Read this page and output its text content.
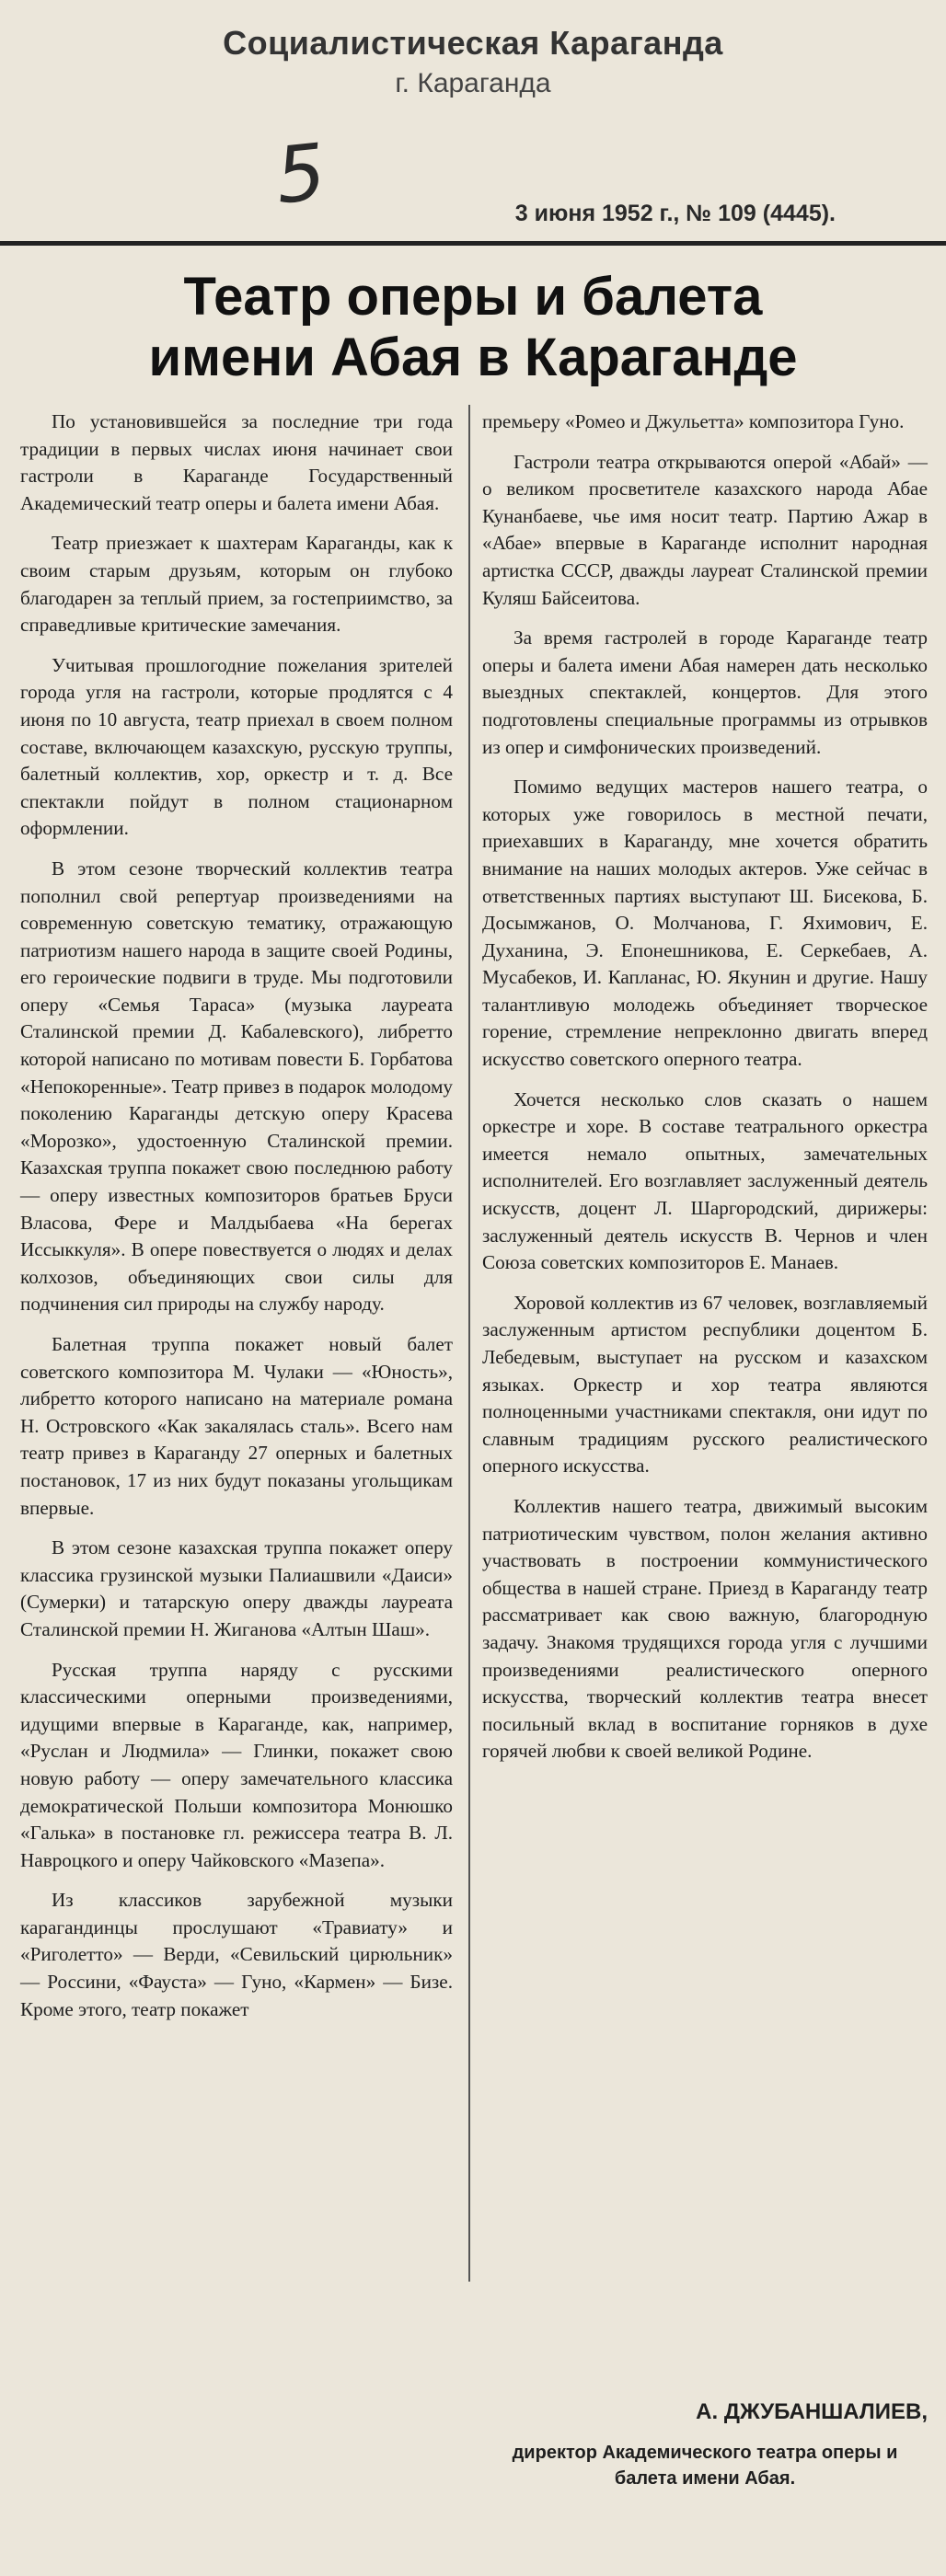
Социалистическая Караганда
г. Караганда
5	3 июня 1952 г., № 109 (4445).
Театр оперы и балета
имени Абая в Караганде

По установившейся за последние три года традиции в первых числах июня начинает свои гастроли в Караганде Государственный Академический театр оперы и балета имени Абая.

Театр приезжает к шахтерам Караганды, как к своим старым друзьям, которым он глубоко благодарен за теплый прием, за гостеприимство, за справедливые критические замечания.

Учитывая прошлогодние пожелания зрителей города угля на гастроли, которые продлятся с 4 июня по 10 августа, театр приехал в своем полном составе, включающем казахскую, русскую труппы, балетный коллектив, хор, оркестр и т. д. Все спектакли пойдут в полном стационарном оформлении.

В этом сезоне творческий коллектив театра пополнил свой репертуар произведениями на современную советскую тематику, отражающую патриотизм нашего народа в защите своей Родины, его героические подвиги в труде. Мы подготовили оперу «Семья Тараса» (музыка лауреата Сталинской премии Д. Кабалевского), либретто которой написано по мотивам повести Б. Горбатова «Непокоренные». Театр привез в подарок молодому поколению Караганды детскую оперу Красева «Морозко», удостоенную Сталинской премии. Казахская труппа покажет свою последнюю работу — оперу известных композиторов братьев Бруси Власова, Фере и Малдыбаева «На берегах Иссыккуля». В опере повествуется о людях и делах колхозов, объединяющих свои силы для подчинения сил природы на службу народу.

Балетная труппа покажет новый балет советского композитора М. Чулаки — «Юность», либретто которого написано на материале романа Н. Островского «Как закалялась сталь». Всего нам театр привез в Караганду 27 оперных и балетных постановок, 17 из них будут показаны угольщикам впервые.

В этом сезоне казахская труппа покажет оперу классика грузинской музыки Палиашвили «Даиси» (Сумерки) и татарскую оперу дважды лауреата Сталинской премии Н. Жиганова «Алтын Шаш».

Русская труппа наряду с русскими классическими оперными произведениями, идущими впервые в Караганде, как, например, «Руслан и Людмила» — Глинки, покажет свою новую работу — оперу замечательного классика демократической Польши композитора Монюшко «Галька» в постановке гл. режиссера театра В. Л. Навроцкого и оперу Чайковского «Мазепа».

Из классиков зарубежной музыки карагандинцы прослушают «Травиату» и «Риголетто» — Верди, «Севильский цирюльник» — Россини, «Фауста» — Гуно, «Кармен» — Бизе. Кроме этого, театр покажет

премьеру «Ромео и Джульетта» композитора Гуно.

Гастроли театра открываются оперой «Абай» — о великом просветителе казахского народа Абае Кунанбаеве, чье имя носит театр. Партию Ажар в «Абае» впервые в Караганде исполнит народная артистка СССР, дважды лауреат Сталинской премии Куляш Байсеитова.

За время гастролей в городе Караганде театр оперы и балета имени Абая намерен дать несколько выездных спектаклей, концертов. Для этого подготовлены специальные программы из отрывков из опер и симфонических произведений.

Помимо ведущих мастеров нашего театра, о которых уже говорилось в местной печати, приехавших в Караганду, мне хочется обратить внимание на наших молодых актеров. Уже сейчас в ответственных партиях выступают Ш. Бисекова, Б. Досымжанов, О. Молчанова, Г. Яхимович, Е. Духанина, Э. Епонешникова, Е. Серкебаев, А. Мусабеков, И. Капланас, Ю. Якунин и другие. Нашу талантливую молодежь объединяет творческое горение, стремление непреклонно двигать вперед искусство советского оперного театра.

Хочется несколько слов сказать о нашем оркестре и хоре. В составе театрального оркестра имеется немало опытных, замечательных исполнителей. Его возглавляет заслуженный деятель искусств, доцент Л. Шаргородский, дирижеры: заслуженный деятель искусств В. Чернов и член Союза советских композиторов Е. Манаев.

Хоровой коллектив из 67 человек, возглавляемый заслуженным артистом республики доцентом Б. Лебедевым, выступает на русском и казахском языках. Оркестр и хор театра являются полноценными участниками спектакля, они идут по славным традициям русского реалистического оперного искусства.

Коллектив нашего театра, движимый высоким патриотическим чувством, полон желания активно участвовать в построении коммунистического общества в нашей стране. Приезд в Караганду театр рассматривает как свою важную, благородную задачу. Знакомя трудящихся города угля с лучшими произведениями реалистического оперного искусства, творческий коллектив театра внесет посильный вклад в воспитание горняков в духе горячей любви к своей великой Родине.

А. ДЖУБАНШАЛИЕВ,
директор Академического театра оперы и балета имени Абая.
